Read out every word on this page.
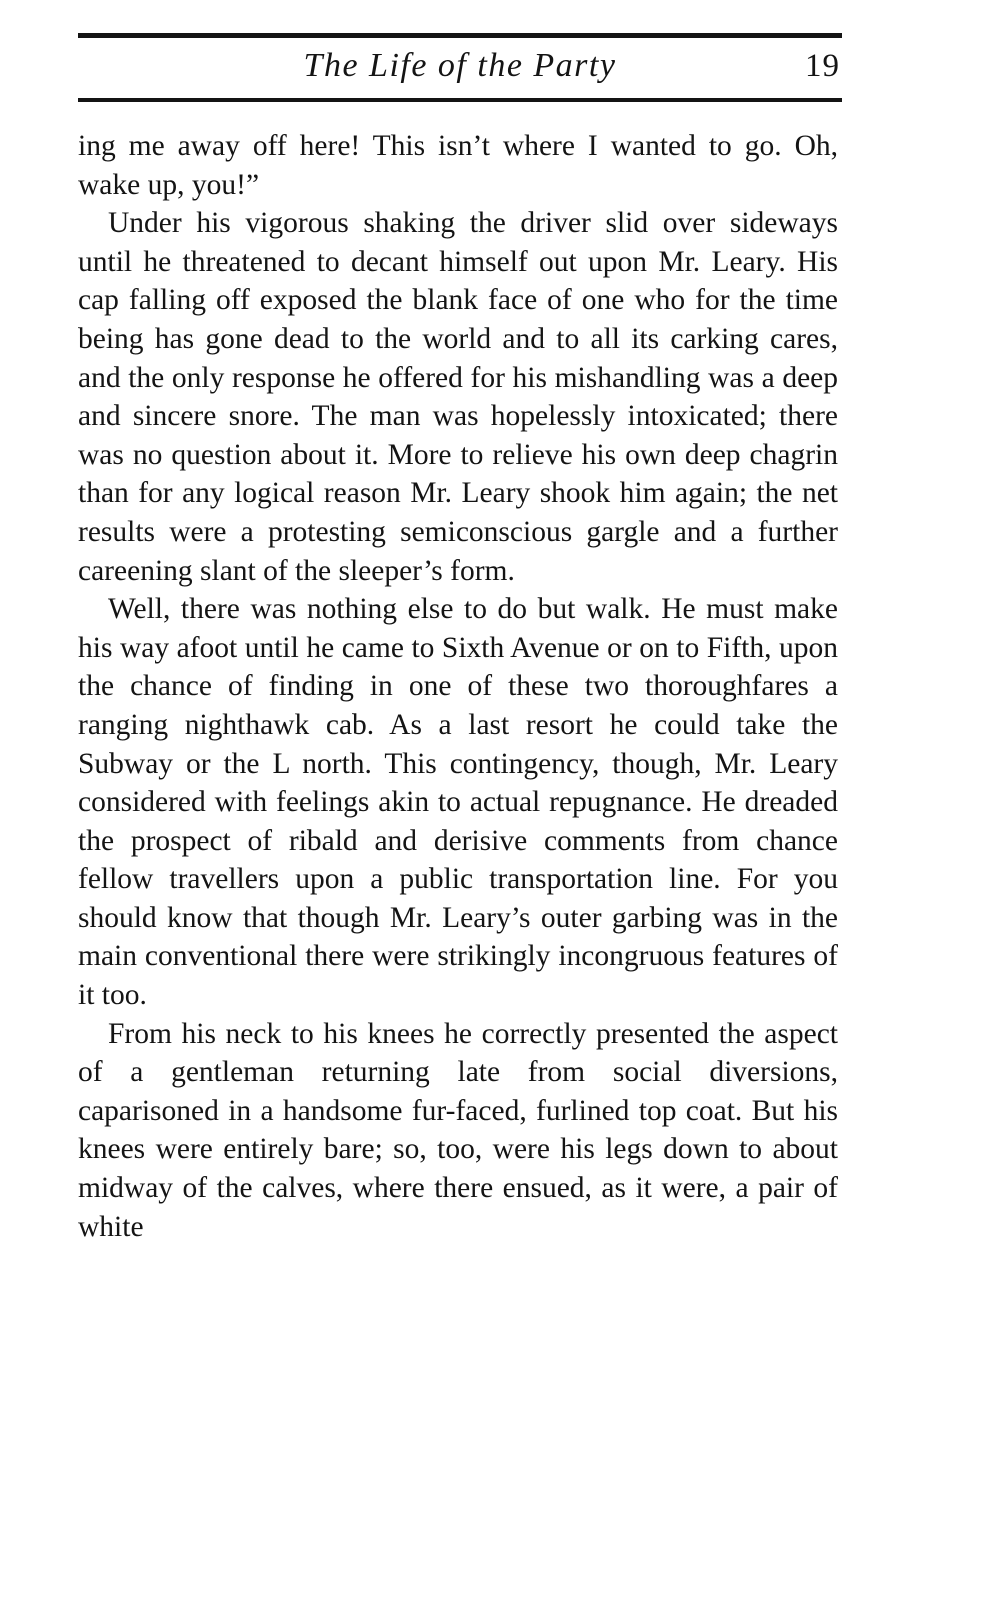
The Life of the Party	19

ing me away off here! This isn’t where I wanted to go. Oh, wake up, you!”

Under his vigorous shaking the driver slid over sideways until he threatened to decant himself out upon Mr. Leary. His cap falling off exposed the blank face of one who for the time being has gone dead to the world and to all its carking cares, and the only response he offered for his mishandling was a deep and sincere snore. The man was hopelessly intoxicated; there was no question about it. More to relieve his own deep chagrin than for any logical reason Mr. Leary shook him again; the net results were a protesting semiconscious gargle and a further careening slant of the sleeper’s form.

Well, there was nothing else to do but walk. He must make his way afoot until he came to Sixth Avenue or on to Fifth, upon the chance of finding in one of these two thoroughfares a ranging nighthawk cab. As a last resort he could take the Subway or the L north. This contingency, though, Mr. Leary considered with feelings akin to actual repugnance. He dreaded the prospect of ribald and derisive comments from chance fellow travellers upon a public transportation line. For you should know that though Mr. Leary’s outer garbing was in the main conventional there were strikingly incongruous features of it too.

From his neck to his knees he correctly presented the aspect of a gentleman returning late from social diversions, caparisoned in a handsome fur-faced, furlined top coat. But his knees were entirely bare; so, too, were his legs down to about midway of the calves, where there ensued, as it were, a pair of white
